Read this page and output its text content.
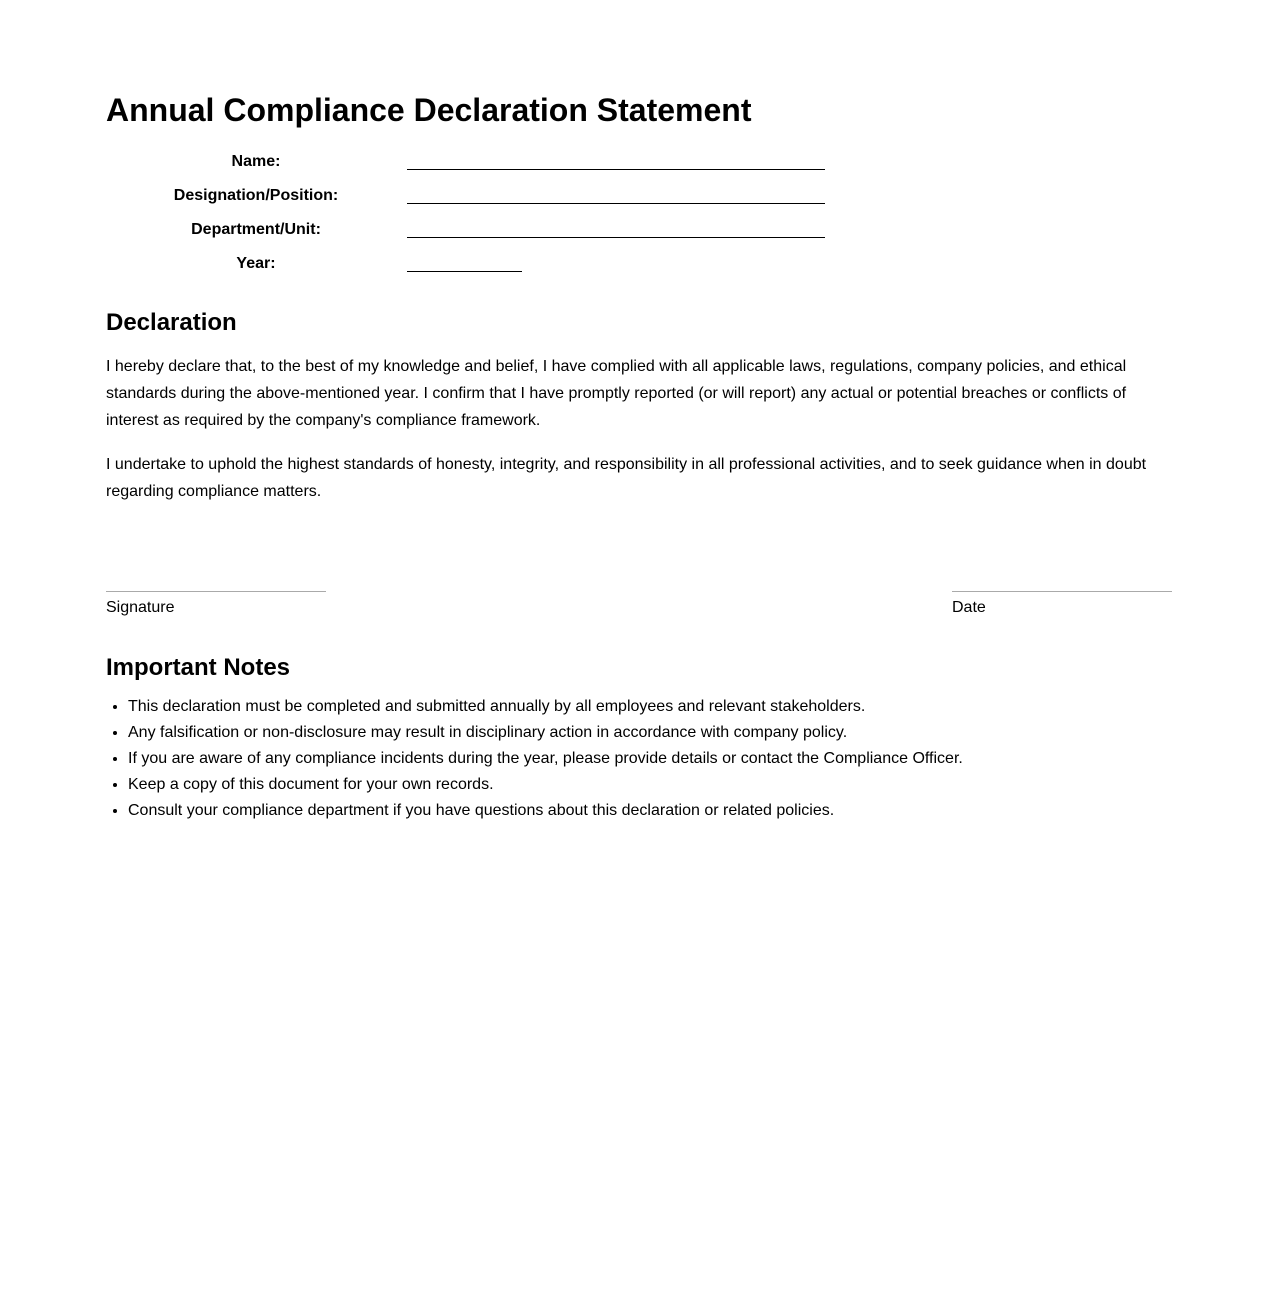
Annual Compliance Declaration Statement
Name:
Designation/Position:
Department/Unit:
Year:
Declaration

I hereby declare that, to the best of my knowledge and belief, I have complied with all applicable laws, regulations, company policies, and ethical standards during the above-mentioned year. I confirm that I have promptly reported (or will report) any actual or potential breaches or conflicts of interest as required by the company's compliance framework.

I undertake to uphold the highest standards of honesty, integrity, and responsibility in all professional activities, and to seek guidance when in doubt regarding compliance matters.

Signature	Date
Important Notes
• This declaration must be completed and submitted annually by all employees and relevant stakeholders.
• Any falsification or non-disclosure may result in disciplinary action in accordance with company policy.
• If you are aware of any compliance incidents during the year, please provide details or contact the Compliance Officer.
• Keep a copy of this document for your own records.
• Consult your compliance department if you have questions about this declaration or related policies.
